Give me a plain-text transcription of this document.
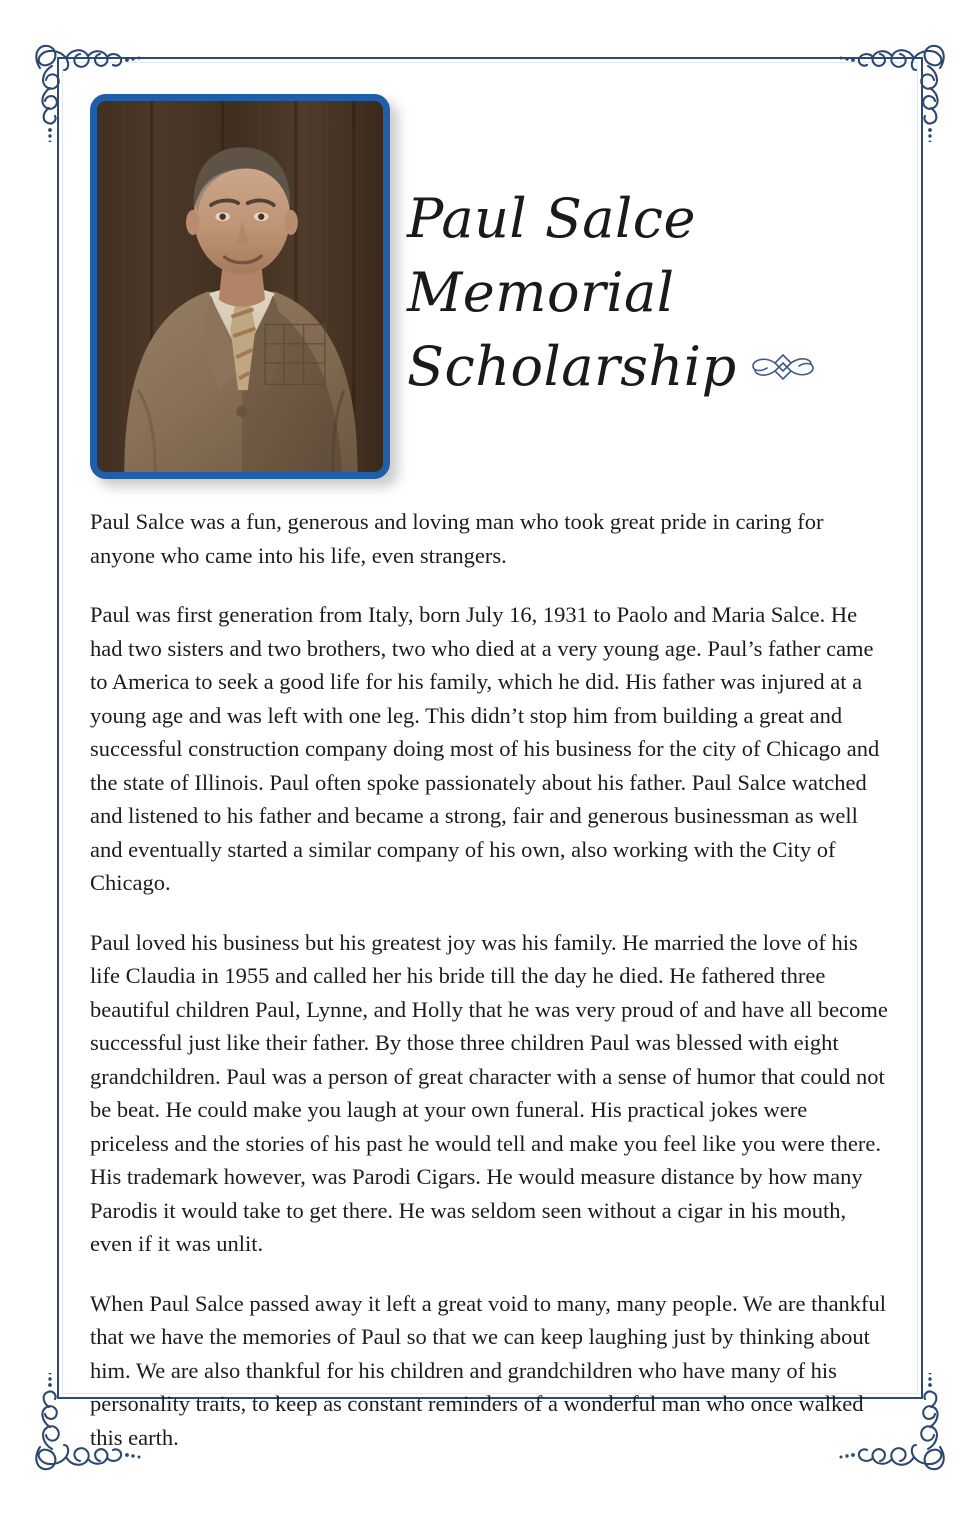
Paul Salce
Memorial
Scholarship

Paul Salce was a fun, generous and loving man who took great pride in caring for anyone who came into his life, even strangers.

Paul was first generation from Italy, born July 16, 1931 to Paolo and Maria Salce. He had two sisters and two brothers, two who died at a very young age. Paul’s father came to America to seek a good life for his family, which he did. His father was injured at a young age and was left with one leg. This didn’t stop him from building a great and successful construction company doing most of his business for the city of Chicago and the state of Illinois. Paul often spoke passionately about his father. Paul Salce watched and listened to his father and became a strong, fair and generous businessman as well and eventually started a similar company of his own, also working with the City of Chicago.

Paul loved his business but his greatest joy was his family. He married the love of his life Claudia in 1955 and called her his bride till the day he died. He fathered three beautiful children Paul, Lynne, and Holly that he was very proud of and have all become successful just like their father. By those three children Paul was blessed with eight grandchildren. Paul was a person of great character with a sense of humor that could not be beat. He could make you laugh at your own funeral. His practical jokes were priceless and the stories of his past he would tell and make you feel like you were there. His trademark however, was Parodi Cigars. He would measure distance by how many Parodis it would take to get there. He was seldom seen without a cigar in his mouth, even if it was unlit.

When Paul Salce passed away it left a great void to many, many people. We are thankful that we have the memories of Paul so that we can keep laughing just by thinking about him. We are also thankful for his children and grandchildren who have many of his personality traits, to keep as constant reminders of a wonderful man who once walked this earth.
